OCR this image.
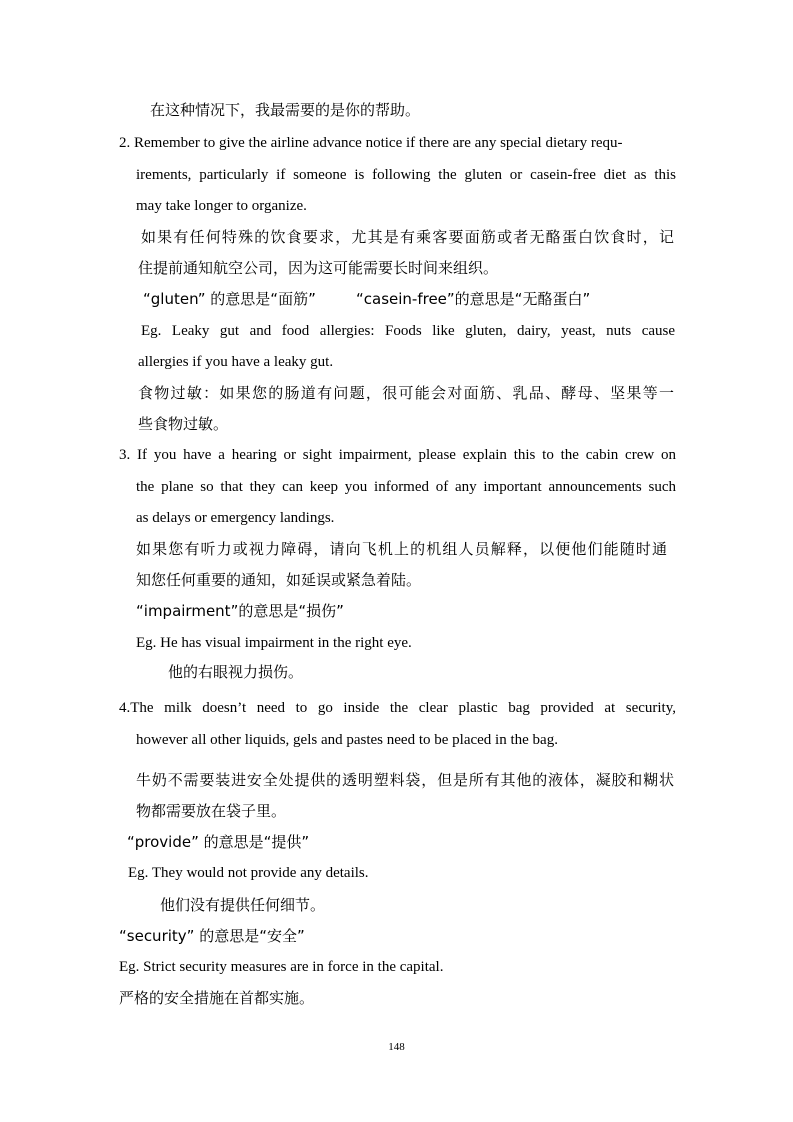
在这种情况下，我最需要的是你的帮助。
2. Remember to give the airline advance notice if there are any special dietary requ-
irements, particularly if someone is following the gluten or casein-free diet as this
may take longer to organize.
如果有任何特殊的饮食要求，尤其是有乘客要面筋或者无酪蛋白饮食时，记
住提前通知航空公司，因为这可能需要长时间来组织。
“gluten” 的意思是“面筋”	“casein-free”的意思是“无酪蛋白”
Eg. Leaky gut and food allergies: Foods like gluten, dairy, yeast, nuts cause
allergies if you have a leaky gut.
食物过敏：如果您的肠道有问题，很可能会对面筋、乳品、酵母、坚果等一
些食物过敏。
3. If you have a hearing or sight impairment, please explain this to the cabin crew on
the plane so that they can keep you informed of any important announcements such
as delays or emergency landings.
如果您有听力或视力障碍，请向飞机上的机组人员解释，以便他们能随时通
知您任何重要的通知，如延误或紧急着陆。
“impairment”的意思是“损伤”
Eg. He has visual impairment in the right eye.
他的右眼视力损伤。
4.The milk doesn’t need to go inside the clear plastic bag provided at security,
however all other liquids, gels and pastes need to be placed in the bag.
牛奶不需要装进安全处提供的透明塑料袋，但是所有其他的液体，凝胶和糊状
物都需要放在袋子里。
“provide” 的意思是“提供”
Eg. They would not provide any details.
他们没有提供任何细节。
“security” 的意思是“安全”
Eg. Strict security measures are in force in the capital.
严格的安全措施在首都实施。
148
